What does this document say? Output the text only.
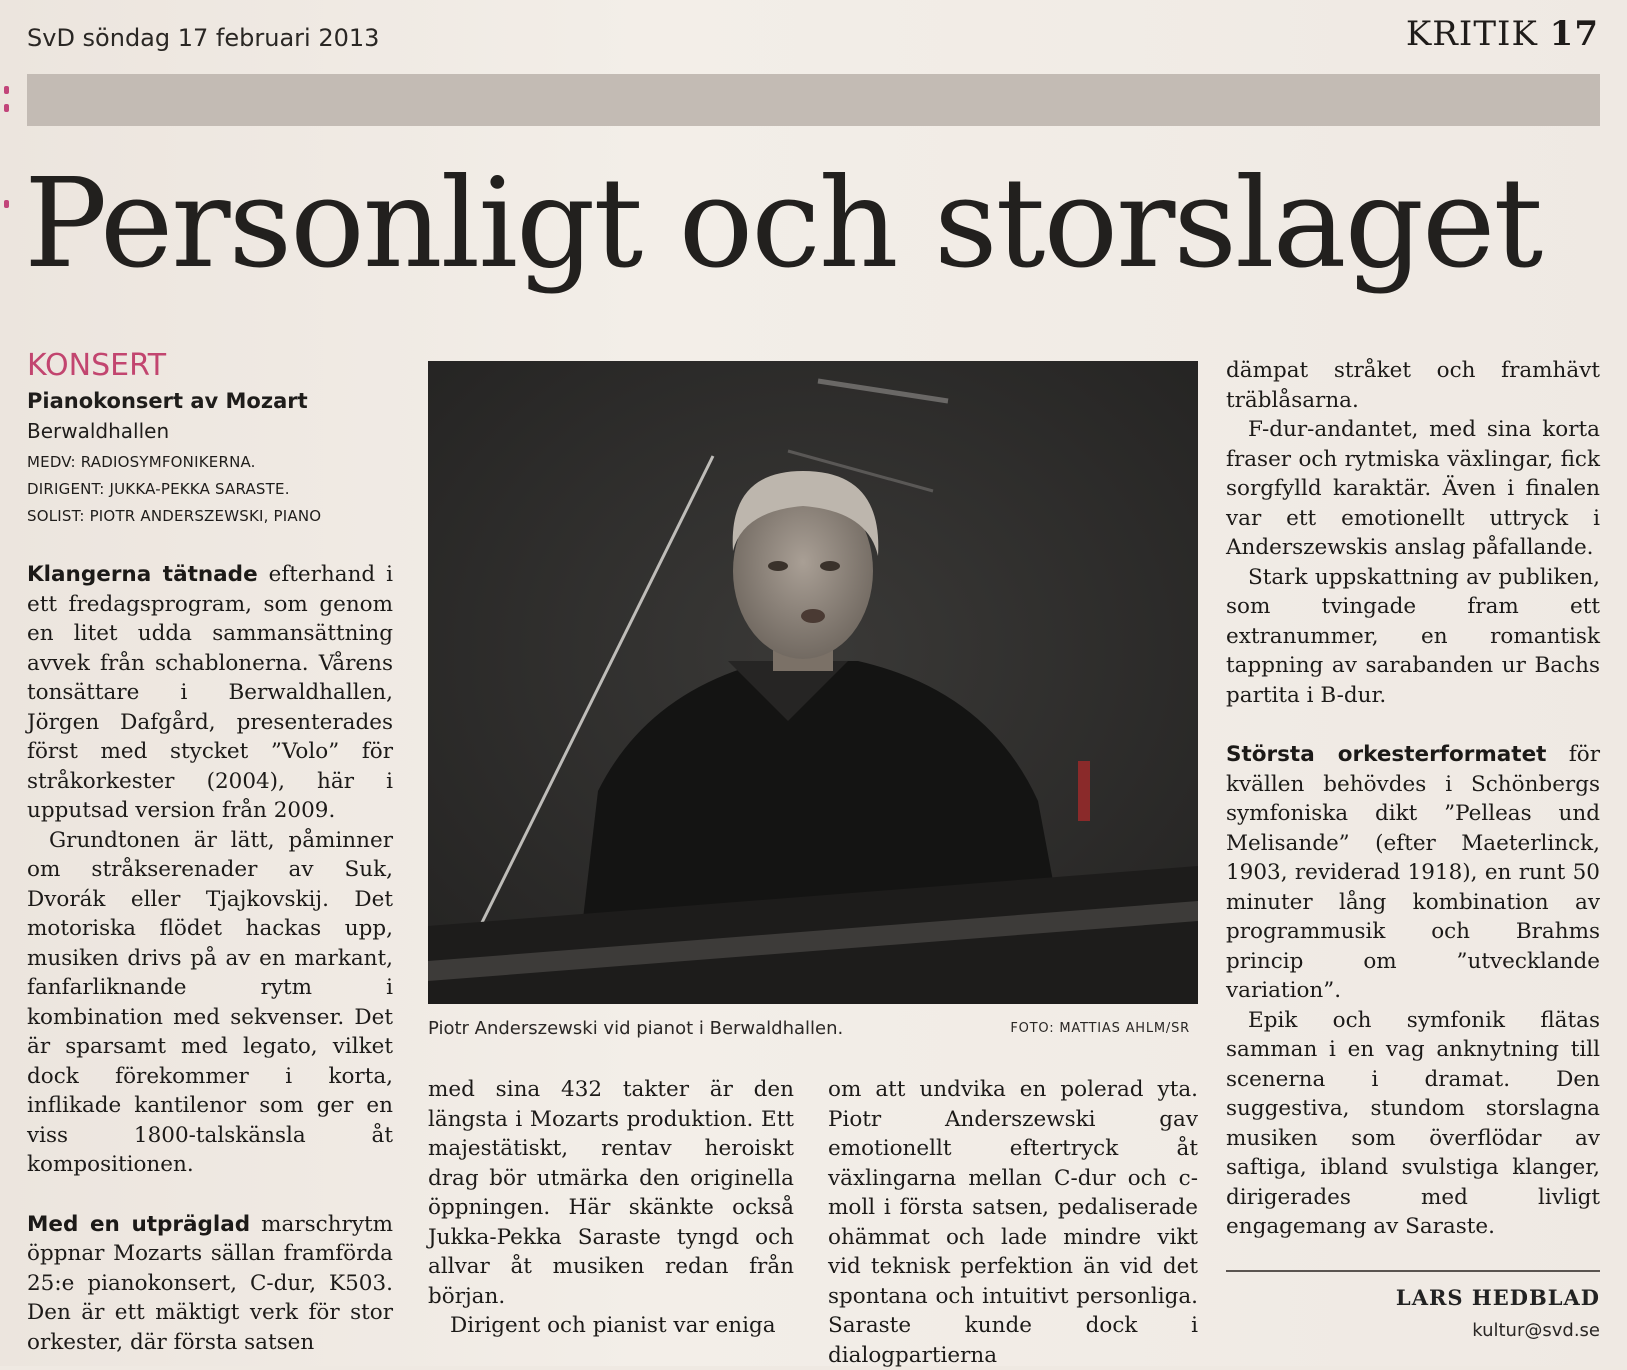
SvD söndag 17 februari 2013	KRITIK 17
Personligt och storslaget
KONSERT

Pianokonsert av Mozart

Berwaldhallen

MEDV: RADIOSYMFONIKERNA.

DIRIGENT: JUKKA-PEKKA SARASTE.

SOLIST: PIOTR ANDERSZEWSKI, PIANO

Klangerna tätnade efterhand i ett fredagsprogram, som genom en litet udda sammansättning avvek från schablonerna. Vårens tonsättare i Berwaldhallen, Jörgen Dafgård, presenterades först med stycket ”Volo” för stråkorkester (2004), här i upputsad version från 2009.

Grundtonen är lätt, påminner om stråkserenader av Suk, Dvorák eller Tjajkovskij. Det motoriska flödet hackas upp, musiken drivs på av en markant, fanfarliknande rytm i kombination med sekvenser. Det är sparsamt med legato, vilket dock förekommer i korta, inflikade kantilenor som ger en viss 1800-talskänsla åt kompositionen.

Med en utpräglad marschrytm öppnar Mozarts sällan framförda 25:e pianokonsert, C-dur, K503. Den är ett mäktigt verk för stor orkester, där första satsen

Piotr Anderszewski vid pianot i Berwaldhallen.	FOTO: MATTIAS AHLM/SR

med sina 432 takter är den längsta i Mozarts produktion. Ett majestätiskt, rentav heroiskt drag bör utmärka den originella öppningen. Här skänkte också Jukka-Pekka Saraste tyngd och allvar åt musiken redan från början.

Dirigent och pianist var eniga

om att undvika en polerad yta. Piotr Anderszewski gav emotionellt eftertryck åt växlingarna mellan C-dur och c-moll i första satsen, pedaliserade ohämmat och lade mindre vikt vid teknisk perfektion än vid det spontana och intuitivt personliga. Saraste kunde dock i dialogpartierna

dämpat stråket och framhävt träblåsarna.

F-dur-andantet, med sina korta fraser och rytmiska växlingar, fick sorgfylld karaktär. Även i finalen var ett emotionellt uttryck i Anderszewskis anslag påfallande.

Stark uppskattning av publiken, som tvingade fram ett extranummer, en romantisk tappning av sarabanden ur Bachs partita i B-dur.

Största orkesterformatet för kvällen behövdes i Schönbergs symfoniska dikt ”Pelleas und Melisande” (efter Maeterlinck, 1903, reviderad 1918), en runt 50 minuter lång kombination av programmusik och Brahms princip om ”utvecklande variation”.

Epik och symfonik flätas samman i en vag anknytning till scenerna i dramat. Den suggestiva, stundom storslagna musiken som överflödar av saftiga, ibland svulstiga klanger, dirigerades med livligt engagemang av Saraste.

LARS HEDBLAD
kultur@svd.se
